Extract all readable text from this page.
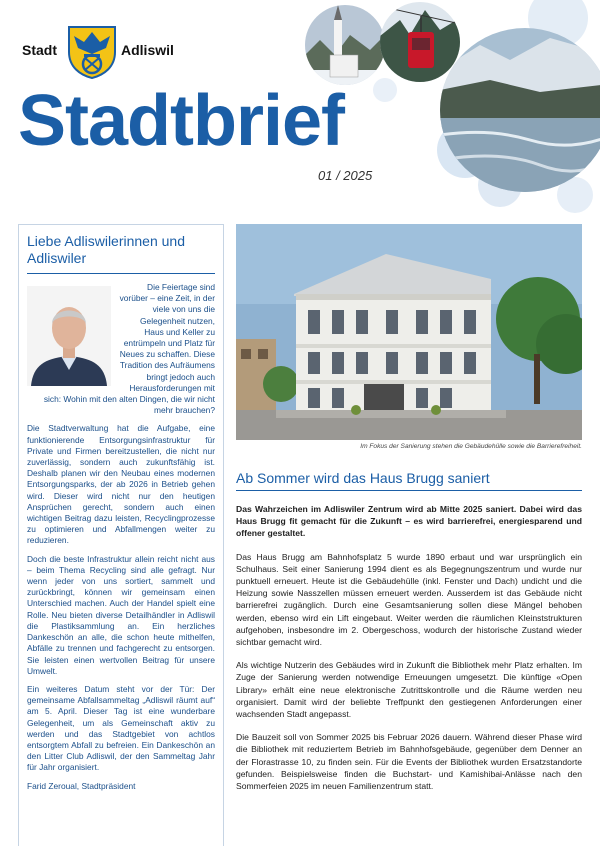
Stadt	Adliswil
Stadtbrief
01 / 2025
Liebe Adliswilerinnen und Adliswiler

Die Feiertage sind vorüber – eine Zeit, in der viele von uns die Gelegenheit nutzen, Haus und Keller zu entrümpeln und Platz für Neues zu schaffen. Diese Tradition des Aufräumens bringt jedoch auch Herausforderungen mit sich: Wohin mit den alten Dingen, die wir nicht mehr brauchen?

Die Stadtverwaltung hat die Aufgabe, eine funktionierende Entsorgungsinfrastruktur für Private und Firmen bereitzustellen, die nicht nur zuverlässig, sondern auch zukunftsfähig ist. Deshalb planen wir den Neubau eines modernen Entsorgungsparks, der ab 2026 in Betrieb gehen wird. Dieser wird nicht nur den heutigen Ansprüchen gerecht, sondern auch einen wichtigen Beitrag dazu leisten, Recyclingprozesse zu optimieren und Abfallmengen weiter zu reduzieren.

Doch die beste Infrastruktur allein reicht nicht aus – beim Thema Recycling sind alle gefragt. Nur wenn jeder von uns sortiert, sammelt und zurückbringt, können wir gemeinsam einen Unterschied machen. Auch der Handel spielt eine Rolle. Neu bieten diverse Detailhändler in Adliswil die Plastiksammlung an. Ein herzliches Dankeschön an alle, die schon heute mithelfen, Abfälle zu trennen und fachgerecht zu entsorgen. Sie leisten einen wertvollen Beitrag für unsere Umwelt.

Ein weiteres Datum steht vor der Tür: Der gemeinsame Abfallsammeltag „Adliswil räumt auf“ am 5. April. Dieser Tag ist eine wunderbare Gelegenheit, um als Gemeinschaft aktiv zu werden und das Stadtgebiet von achtlos entsorgtem Abfall zu befreien. Ein Dankeschön an den Litter Club Adliswil, der den Sammeltag Jahr für Jahr organisiert.

Farid Zeroual, Stadtpräsident

Im Fokus der Sanierung stehen die Gebäudehülle sowie die Barrierefreiheit.
Ab Sommer wird das Haus Brugg saniert

Das Wahrzeichen im Adliswiler Zentrum wird ab Mitte 2025 saniert. Dabei wird das Haus Brugg fit gemacht für die Zukunft – es wird barrierefrei, energiesparend und offener gestaltet.

Das Haus Brugg am Bahnhofsplatz 5 wurde 1890 erbaut und war ursprünglich ein Schulhaus. Seit einer Sanierung 1994 dient es als Begegnungszentrum und wurde nur punktuell erneuert. Heute ist die Gebäudehülle (inkl. Fenster und Dach) undicht und die Heizung sowie Nasszellen müssen erneuert werden. Ausserdem ist das Gebäude nicht barrierefrei zugänglich. Durch eine Gesamtsanierung sollen diese Mängel behoben werden, ebenso wird ein Lift eingebaut. Weiter werden die räumlichen Kleinststrukturen aufgehoben, insbesondre im 2. Obergeschoss, wodurch der historische Zustand wieder sichtbar gemacht wird.

Als wichtige Nutzerin des Gebäudes wird in Zukunft die Bibliothek mehr Platz erhalten. Im Zuge der Sanierung werden notwendige Erneuungen umgesetzt. Die künftige «Open Library» erhält eine neue elektronische Zutrittskontrolle und die Räume werden neu organisiert. Damit wird der beliebte Treffpunkt den gestiegenen Anforderungen einer wachsenden Stadt angepasst.

Die Bauzeit soll von Sommer 2025 bis Februar 2026 dauern. Während dieser Phase wird die Bibliothek mit reduziertem Betrieb im Bahnhofsgebäude, gegenüber dem Denner an der Florastrasse 10, zu finden sein. Für die Events der Bibliothek wurden Ersatzstandorte gefunden. Beispielsweise finden die Buchstart- und Kamishibai-Anlässe nach den Sommerfeien 2025 im neuen Familienzentrum statt.
